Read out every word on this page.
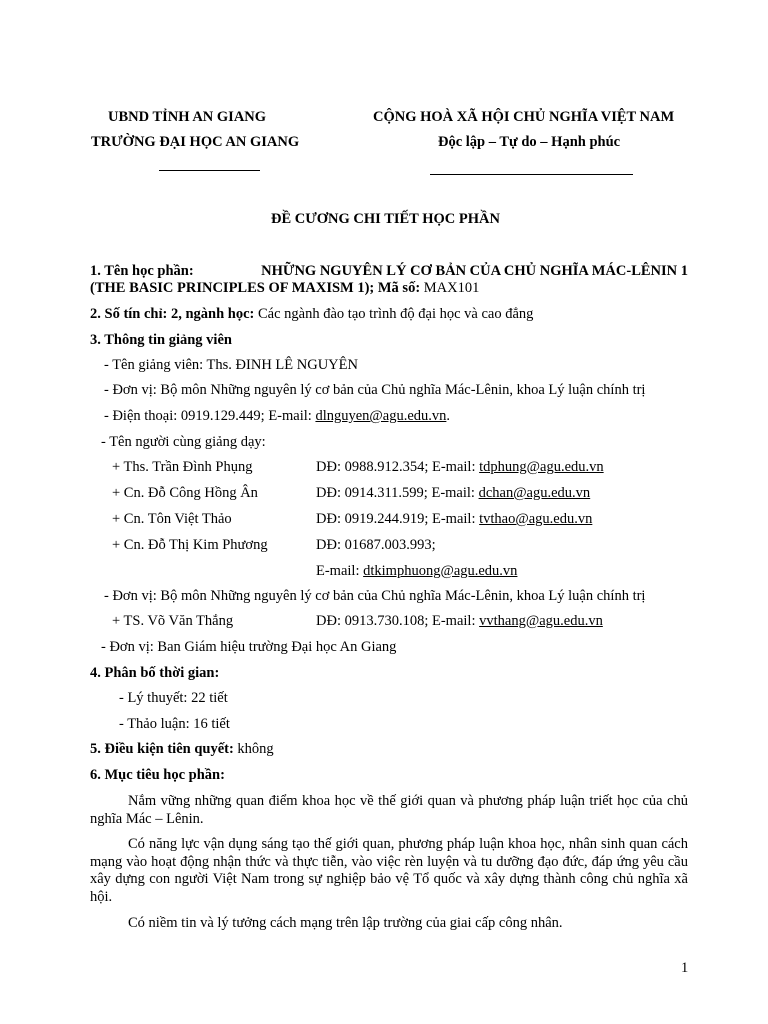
UBND TỈNH AN GIANG
TRƯỜNG ĐẠI HỌC AN GIANG
CỘNG HOÀ XÃ HỘI CHỦ NGHĨA VIỆT NAM
Độc lập – Tự do – Hạnh phúc
ĐỀ CƯƠNG CHI TIẾT HỌC PHẦN
1. Tên học phần:	NHỮNG NGUYÊN LÝ CƠ BẢN CỦA CHỦ NGHĨA MÁC-LÊNIN 1
(THE BASIC PRINCIPLES OF MAXISM 1); Mã số: MAX101
2. Số tín chỉ: 2, ngành học: Các ngành đào tạo trình độ đại học và cao đẳng
3. Thông tin giảng viên
- Tên giảng viên: Ths. ĐINH LÊ NGUYÊN
- Đơn vị: Bộ môn Những nguyên lý cơ bản của Chủ nghĩa Mác-Lênin, khoa Lý luận chính trị
- Điện thoại: 0919.129.449; E-mail: dlnguyen@agu.edu.vn.
- Tên người cùng giảng dạy:
+ Ths. Trần Đình Phụng	DĐ: 0988.912.354; E-mail: tdphung@agu.edu.vn
+ Cn. Đỗ Công Hồng Ân	DĐ: 0914.311.599; E-mail: dchan@agu.edu.vn
+ Cn. Tôn Việt Thảo	DĐ: 0919.244.919; E-mail: tvthao@agu.edu.vn
+ Cn. Đỗ Thị Kim Phương	DĐ: 01687.003.993;
E-mail: dtkimphuong@agu.edu.vn
- Đơn vị: Bộ môn Những nguyên lý cơ bản của Chủ nghĩa Mác-Lênin, khoa Lý luận chính trị
+ TS. Võ Văn Thắng	DĐ: 0913.730.108; E-mail: vvthang@agu.edu.vn
- Đơn vị: Ban Giám hiệu trường Đại học An Giang
4. Phân bố thời gian:
- Lý thuyết: 22 tiết
- Thảo luận: 16 tiết
5. Điều kiện tiên quyết: không
6. Mục tiêu học phần:
Nắm vững những quan điểm khoa học về thế giới quan và phương pháp luận triết học của chủ nghĩa Mác – Lênin.
Có năng lực vận dụng sáng tạo thế giới quan, phương pháp luận khoa học, nhân sinh quan cách mạng vào hoạt động nhận thức và thực tiễn, vào việc rèn luyện và tu dưỡng đạo đức, đáp ứng yêu cầu xây dựng con người Việt Nam trong sự nghiệp bảo vệ Tổ quốc và xây dựng thành công chủ nghĩa xã hội.
Có niềm tin và lý tưởng cách mạng trên lập trường của giai cấp công nhân.
1
